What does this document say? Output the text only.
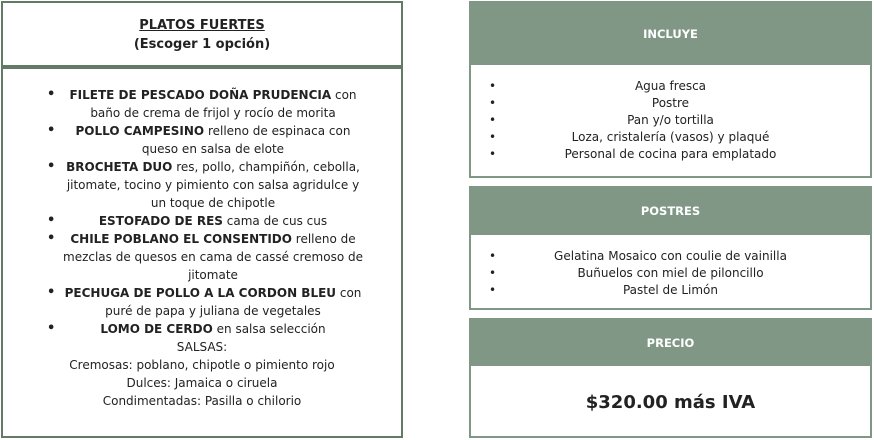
PLATOS FUERTES
(Escoger 1 opción)
• FILETE DE PESCADO DOÑA PRUDENCIA con baño de crema de frijol y rocío de morita
• POLLO CAMPESINO relleno de espinaca con queso en salsa de elote
• BROCHETA DUO res, pollo, champiñón, cebolla, jitomate, tocino y pimiento con salsa agridulce y un toque de chipotle
• ESTOFADO DE RES cama de cus cus
• CHILE POBLANO EL CONSENTIDO relleno de mezclas de quesos en cama de cassé cremoso de jitomate
• PECHUGA DE POLLO A LA CORDON BLEU con puré de papa y juliana de vegetales
• LOMO DE CERDO en salsa selección
SALSAS:
Cremosas: poblano, chipotle o pimiento rojo
Dulces: Jamaica o ciruela
Condimentadas: Pasilla o chilorio
INCLUYE
• Agua fresca
• Postre
• Pan y/o tortilla
• Loza, cristalería (vasos) y plaqué
• Personal de cocina para emplatado
POSTRES
• Gelatina Mosaico con coulie de vainilla
• Buñuelos con miel de piloncillo
• Pastel de Limón
PRECIO
$320.00 más IVA
